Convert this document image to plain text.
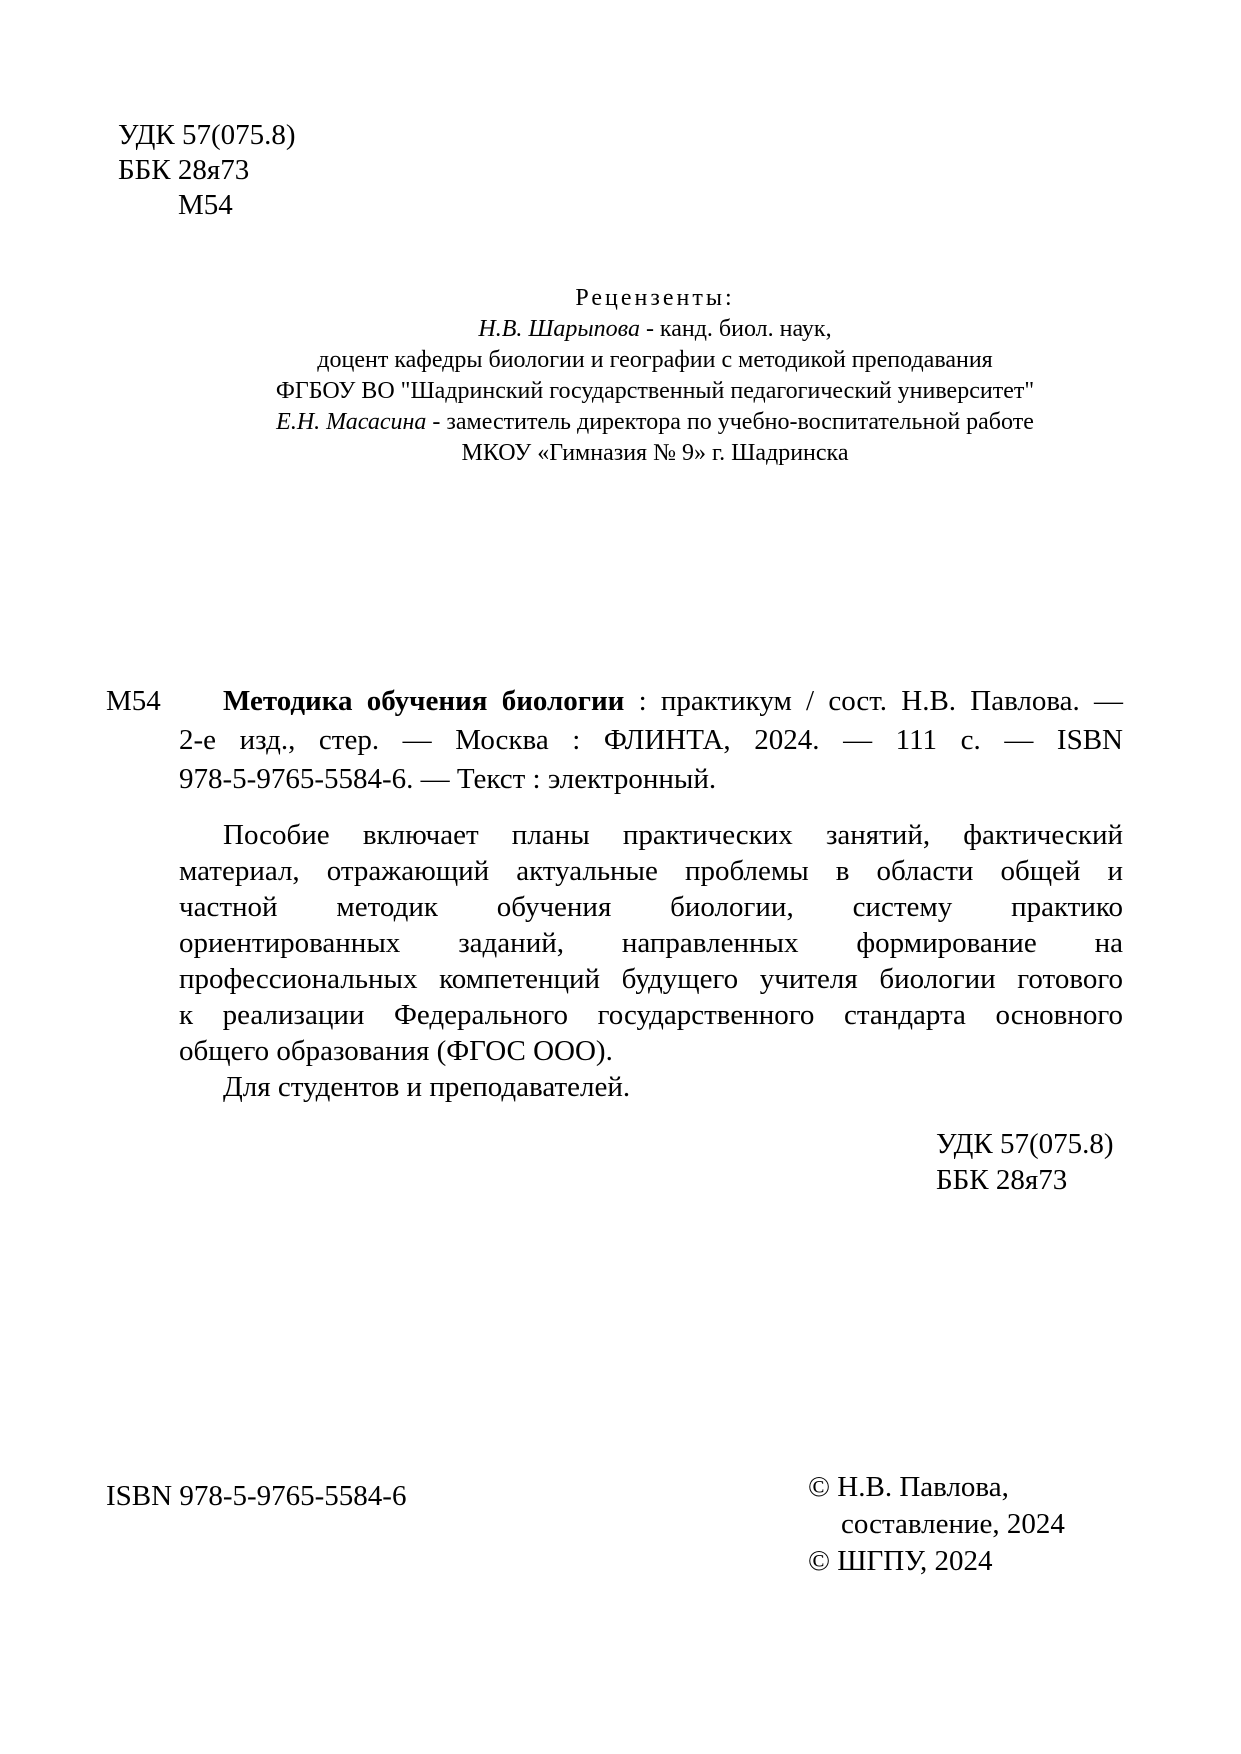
УДК 57(075.8)
ББК 28я73
М54
Рецензенты:
Н.В. Шарыпова - канд. биол. наук,
доцент кафедры биологии и географии с методикой преподавания
ФГБОУ ВО "Шадринский государственный педагогический университет"
Е.Н. Масасина - заместитель директора по учебно-воспитательной работе
МКОУ «Гимназия № 9» г. Шадринска
М54	Методика обучения биологии : практикум / сост. Н.В. Павлова. —
2-е изд., стер. — Москва : ФЛИНТА, 2024. — 111 с. — ISBN
978-5-9765-5584-6. — Текст : электронный.
Пособие включает планы практических занятий, фактический
материал, отражающий актуальные проблемы в области общей и
частной методик обучения биологии, систему практико
ориентированных заданий, направленных формирование на
профессиональных компетенций будущего учителя биологии готового
к реализации Федерального государственного стандарта основного
общего образования (ФГОС ООО).
Для студентов и преподавателей.
УДК 57(075.8)
ББК 28я73
ISBN 978-5-9765-5584-6	© Н.В. Павлова,
составление, 2024
© ШГПУ, 2024
